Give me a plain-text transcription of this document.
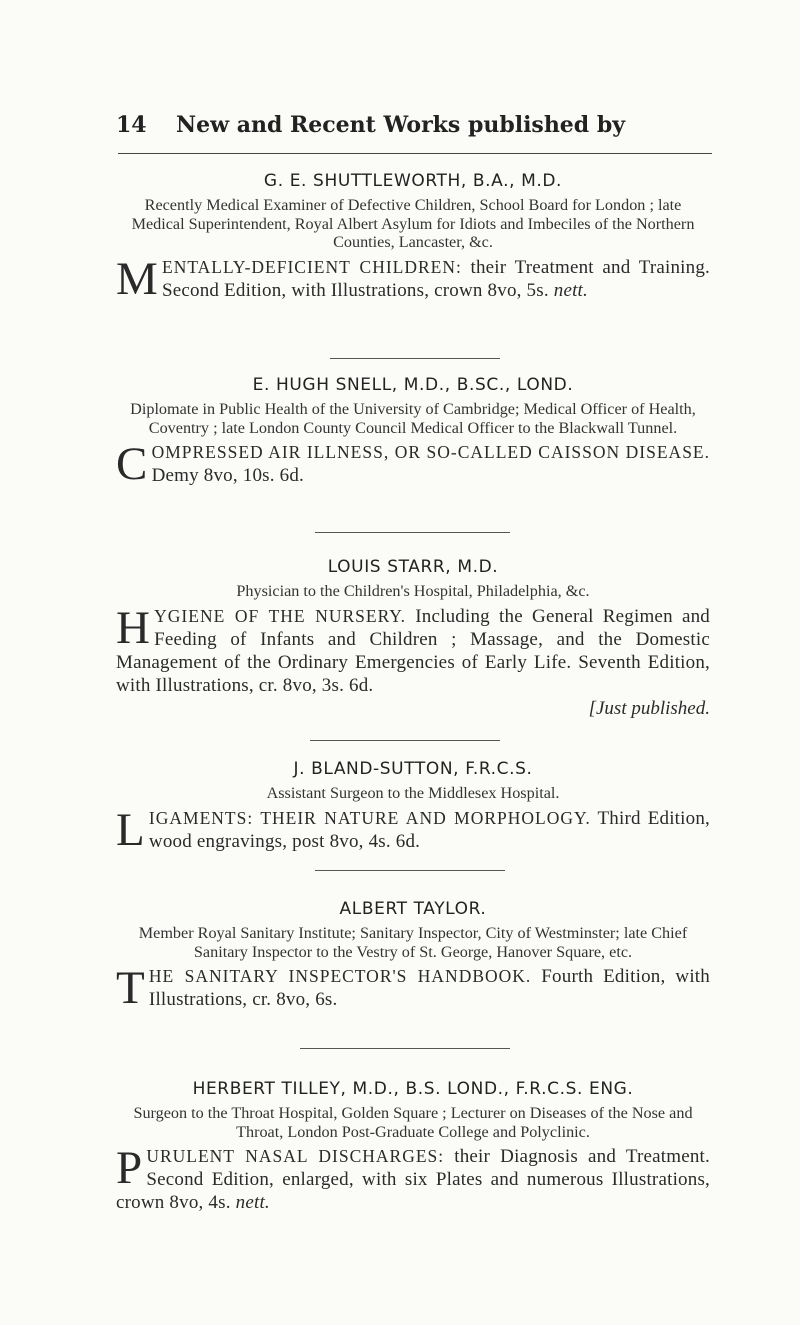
14 New and Recent Works published by
G. E. SHUTTLEWORTH, B.A., M.D.
Recently Medical Examiner of Defective Children, School Board for London ; late Medical Superintendent, Royal Albert Asylum for Idiots and Imbeciles of the Northern Counties, Lancaster, &c.
MENTALLY-DEFICIENT CHILDREN: their Treatment and Training. Second Edition, with Illustrations, crown 8vo, 5s. nett.
E. HUGH SNELL, M.D., B.SC., LOND.
Diplomate in Public Health of the University of Cambridge; Medical Officer of Health, Coventry ; late London County Council Medical Officer to the Blackwall Tunnel.
COMPRESSED AIR ILLNESS, OR SO-CALLED CAISSON DISEASE. Demy 8vo, 10s. 6d.
LOUIS STARR, M.D.
Physician to the Children's Hospital, Philadelphia, &c.
HYGIENE OF THE NURSERY. Including the General Regimen and Feeding of Infants and Children ; Massage, and the Domestic Management of the Ordinary Emergencies of Early Life. Seventh Edition, with Illustrations, cr. 8vo, 3s. 6d.
[Just published.
J. BLAND-SUTTON, F.R.C.S.
Assistant Surgeon to the Middlesex Hospital.
LIGAMENTS: THEIR NATURE AND MORPHOLOGY. Third Edition, wood engravings, post 8vo, 4s. 6d.
ALBERT TAYLOR.
Member Royal Sanitary Institute; Sanitary Inspector, City of Westminster; late Chief Sanitary Inspector to the Vestry of St. George, Hanover Square, etc.
THE SANITARY INSPECTOR'S HANDBOOK. Fourth Edition, with Illustrations, cr. 8vo, 6s.
HERBERT TILLEY, M.D., B.S. LOND., F.R.C.S. ENG.
Surgeon to the Throat Hospital, Golden Square ; Lecturer on Diseases of the Nose and Throat, London Post-Graduate College and Polyclinic.
PURULENT NASAL DISCHARGES: their Diagnosis and Treatment. Second Edition, enlarged, with six Plates and numerous Illustrations, crown 8vo, 4s. nett.
